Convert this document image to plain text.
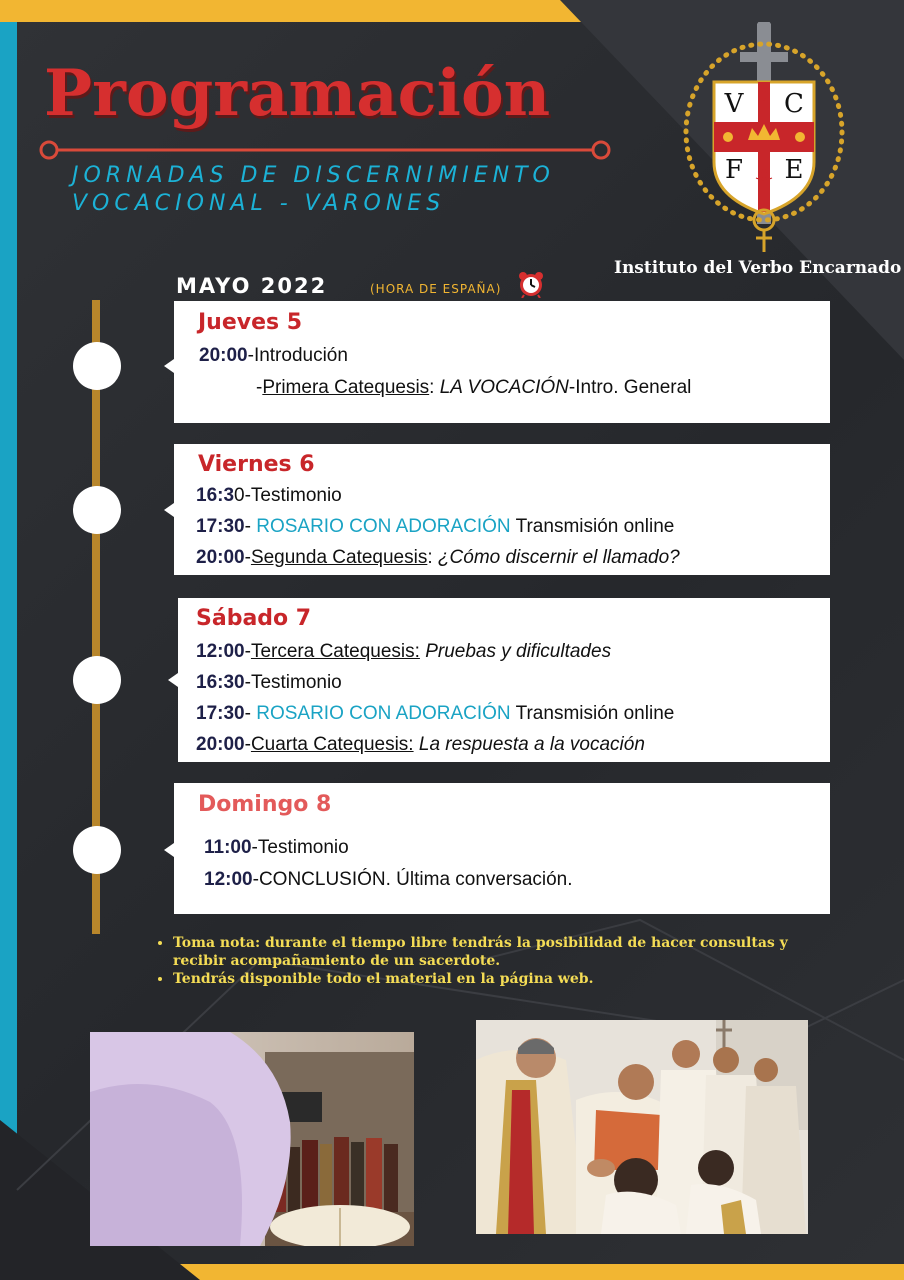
Programación
JORNADAS DE DISCERNIMIENTO
VOCACIONAL - VARONES
V C
F E
Instituto del Verbo Encarnado
MAYO 2022	(HORA DE ESPAÑA)
Jueves 5
20:00-Introdución
-Primera Catequesis: LA VOCACIÓN-Intro. General
Viernes 6
16:30-Testimonio
17:30- ROSARIO CON ADORACIÓN Transmisión online
20:00-Segunda Catequesis: ¿Cómo discernir el llamado?
Sábado 7
12:00-Tercera Catequesis: Pruebas y dificultades
16:30-Testimonio
17:30- ROSARIO CON ADORACIÓN Transmisión online
20:00-Cuarta Catequesis: La respuesta a la vocación
Domingo 8
11:00-Testimonio
12:00-CONCLUSIÓN. Última conversación.
• Toma nota: durante el tiempo libre tendrás la posibilidad de hacer consultas y recibir acompañamiento de un sacerdote.
• Tendrás disponible todo el material en la página web.
